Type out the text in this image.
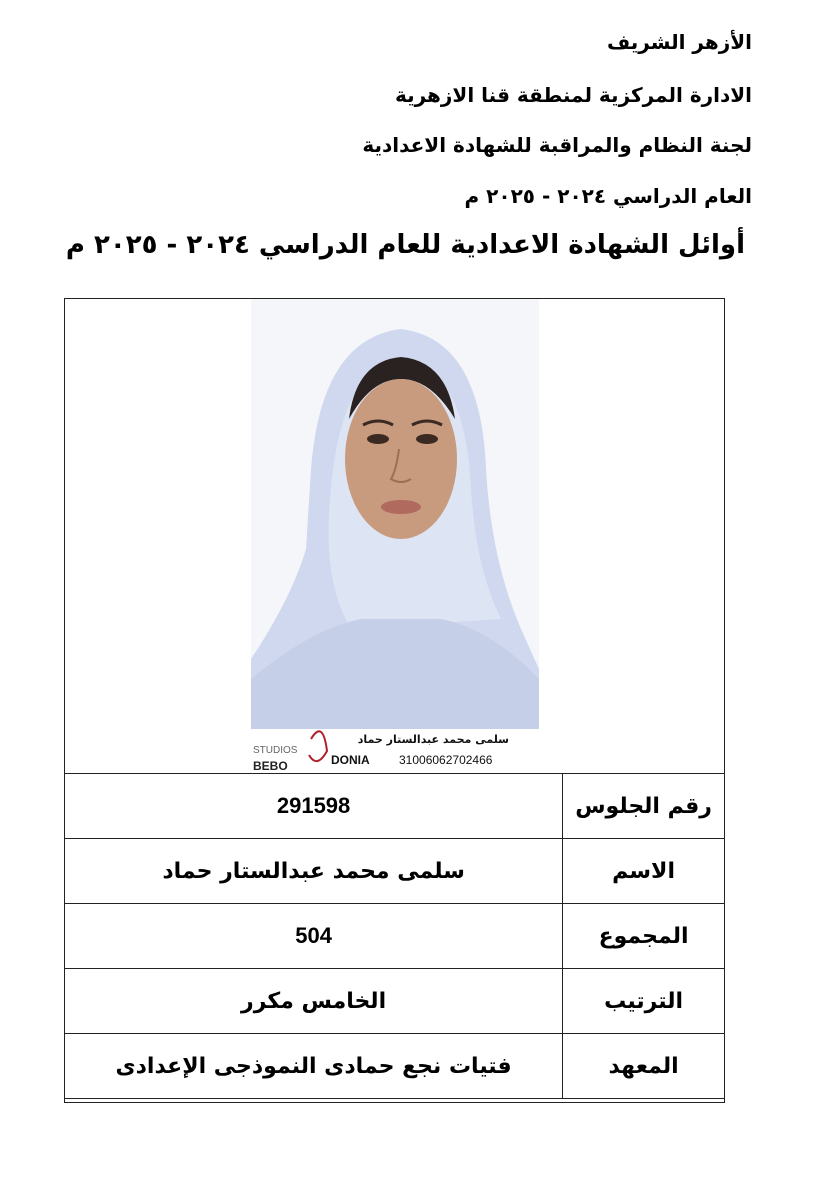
الأزهر الشريف
الادارة المركزية لمنطقة قنا الازهرية
لجنة النظام والمراقبة للشهادة الاعدادية
العام الدراسي ٢٠٢٤ - ٢٠٢٥ م
أوائل الشهادة الاعدادية للعام الدراسي ٢٠٢٤ - ٢٠٢٥ م
سلمى محمد عبدالستار حماد
STUDIOS
BEBO	DONIA 31006062702466
رقم الجلوس	291598
الاسم	سلمى محمد عبدالستار حماد
المجموع	504
الترتيب	الخامس مكرر
المعهد	فتيات نجع حمادى النموذجى الإعدادى
